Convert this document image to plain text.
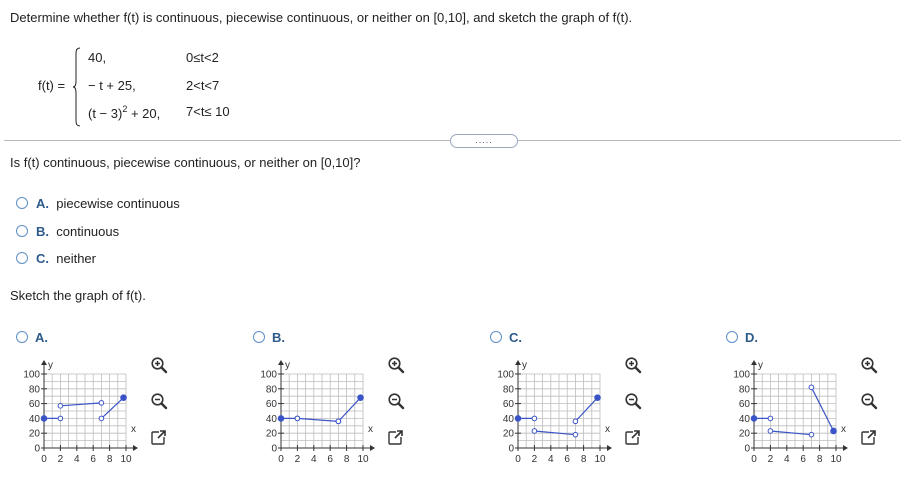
Determine whether f(t) is continuous, piecewise continuous, or neither on [0,10], and sketch the graph of f(t).
f(t) =
40,	0≤t<2
− t + 25,	2<t<7
$(t - 3)^2 + 20$, 7<t≤ 10
.....
Is f(t) continuous, piecewise continuous, or neither on [0,10]?
A. piecewise continuous
B. continuous
C. neither
Sketch the graph of f(t).
A.	B.	C.	D.
y
x
100
80
60
40
20
0
0 2 4 6 8 10
y
x
100
80
60
40
20
0
0 2 4 6 8 10
y
x
100
80
60
40
20
0
0 2 4 6 8 10
y
x
100
80
60
40
20
0
0 2 4 6 8 10
